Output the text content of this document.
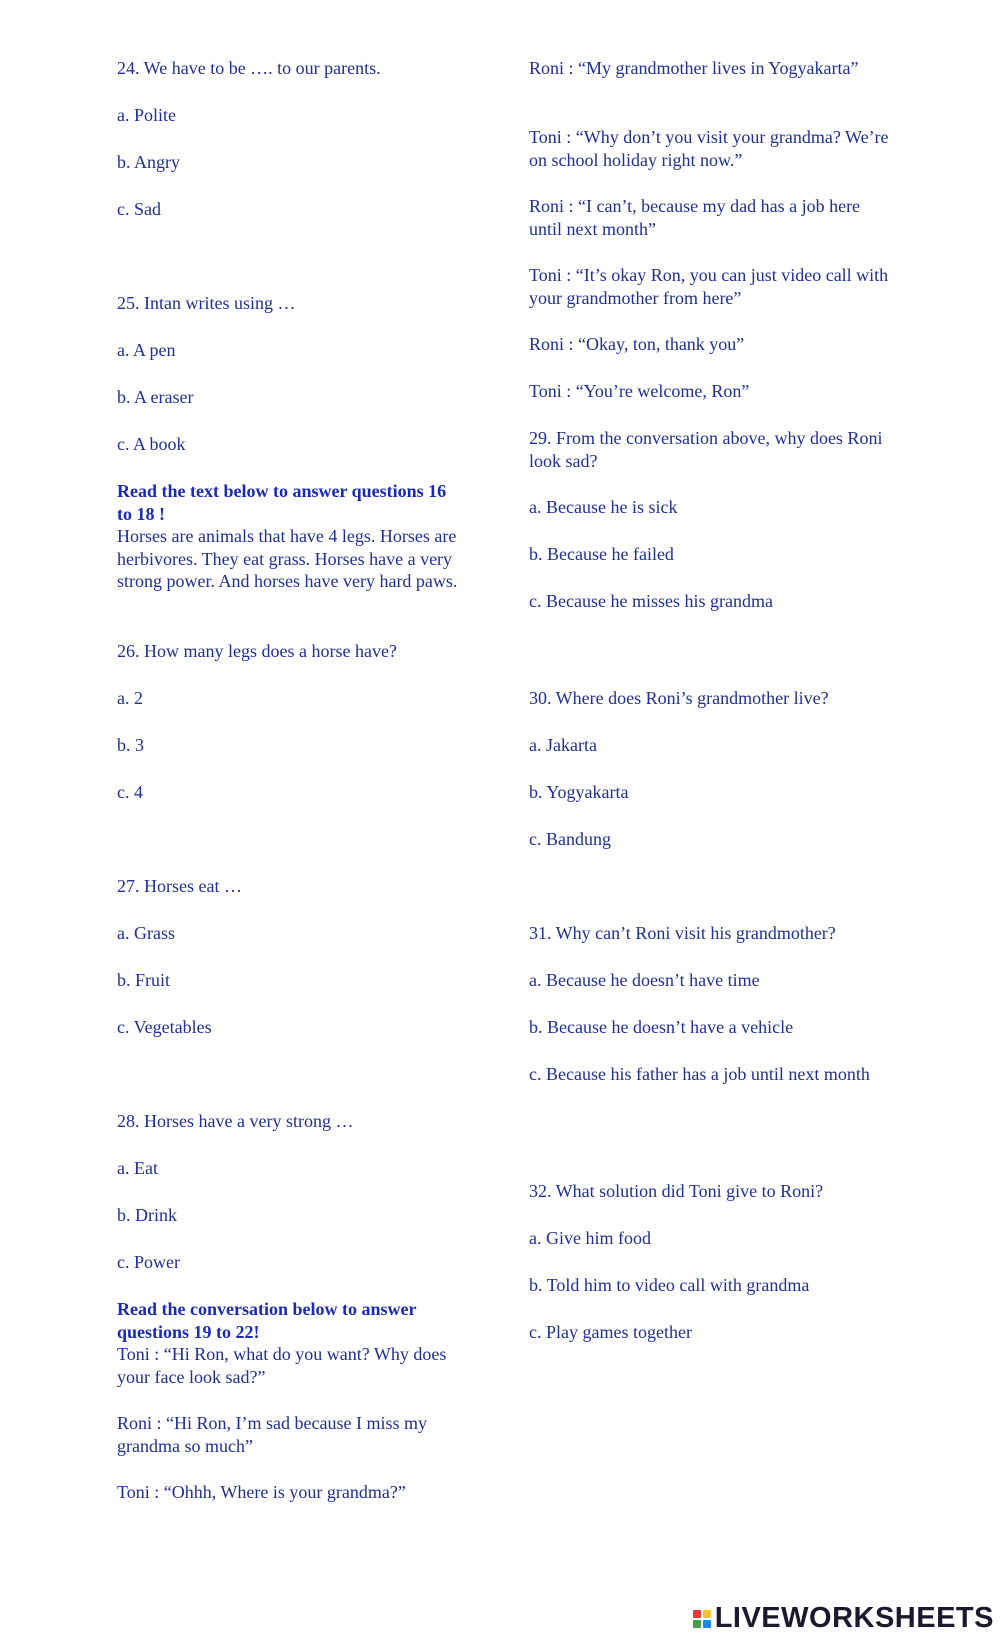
24. We have to be …. to our parents.

a. Polite

b. Angry

c. Sad

25. Intan writes using …

a. A pen

b. A eraser

c. A book

Read the text below to answer questions 16 to 18 !

Horses are animals that have 4 legs. Horses are herbivores. They eat grass. Horses have a very strong power. And horses have very hard paws.

26. How many legs does a horse have?

a. 2

b. 3

c. 4

27. Horses eat …

a. Grass

b. Fruit

c. Vegetables

28. Horses have a very strong …

a. Eat

b. Drink

c. Power

Read the conversation below to answer questions 19 to 22!

Toni : “Hi Ron, what do you want? Why does your face look sad?”

Roni : “Hi Ron, I’m sad because I miss my grandma so much”

Toni : “Ohhh, Where is your grandma?”

Roni : “My grandmother lives in Yogyakarta”

Toni : “Why don’t you visit your grandma? We’re on school holiday right now.”

Roni : “I can’t, because my dad has a job here until next month”

Toni : “It’s okay Ron, you can just video call with your grandmother from here”

Roni : “Okay, ton, thank you”

Toni : “You’re welcome, Ron”

29. From the conversation above, why does Roni look sad?

a. Because he is sick

b. Because he failed

c. Because he misses his grandma

30. Where does Roni’s grandmother live?

a. Jakarta

b. Yogyakarta

c. Bandung

31. Why can’t Roni visit his grandmother?

a. Because he doesn’t have time

b. Because he doesn’t have a vehicle

c. Because his father has a job until next month

32. What solution did Toni give to Roni?

a. Give him food

b. Told him to video call with grandma

c. Play games together

LIVEWORKSHEETS
